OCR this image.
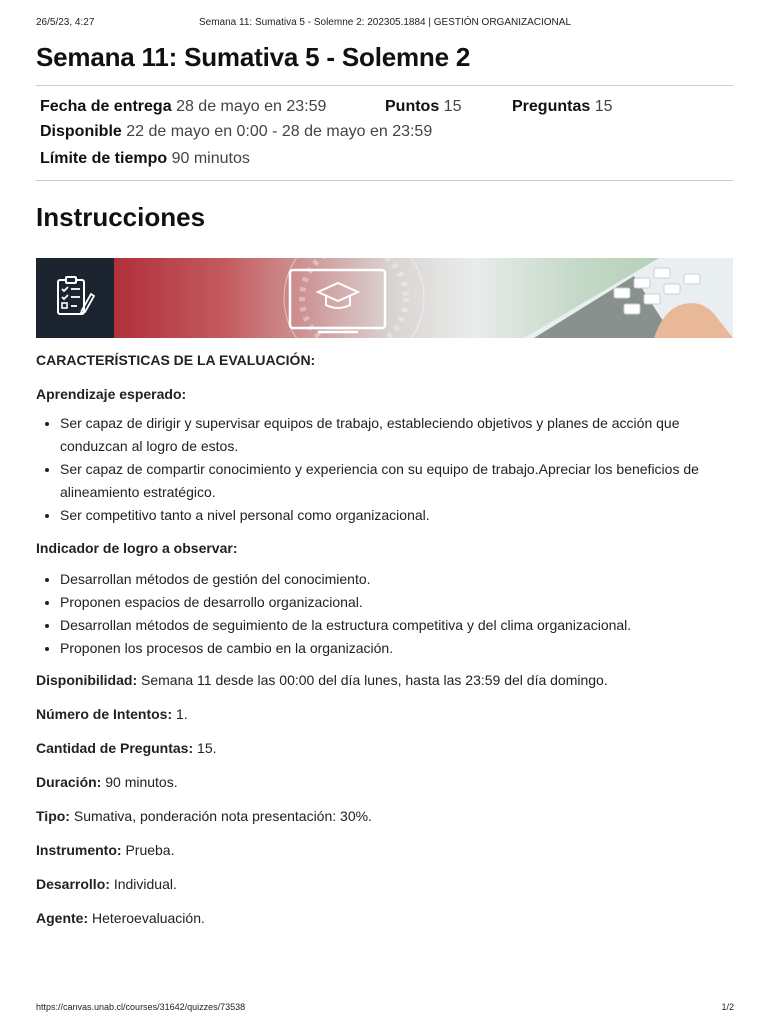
26/5/23, 4:27	Semana 11: Sumativa 5 - Solemne 2: 202305.1884 | GESTIÓN ORGANIZACIONAL
Semana 11: Sumativa 5 - Solemne 2
Fecha de entrega 28 de mayo en 23:59	Puntos 15	Preguntas 15
Disponible 22 de mayo en 0:00 - 28 de mayo en 23:59
Límite de tiempo 90 minutos
Instrucciones

CARACTERÍSTICAS DE LA EVALUACIÓN:

Aprendizaje esperado:

• Ser capaz de dirigir y supervisar equipos de trabajo, estableciendo objetivos y planes de acción que conduzcan al logro de estos.
• Ser capaz de compartir conocimiento y experiencia con su equipo de trabajo.Apreciar los beneficios de alineamiento estratégico.
• Ser competitivo tanto a nivel personal como organizacional.

Indicador de logro a observar:

• Desarrollan métodos de gestión del conocimiento.
• Proponen espacios de desarrollo organizacional.
• Desarrollan métodos de seguimiento de la estructura competitiva y del clima organizacional.
• Proponen los procesos de cambio en la organización.

Disponibilidad: Semana 11 desde las 00:00 del día lunes, hasta las 23:59 del día domingo.

Número de Intentos: 1.

Cantidad de Preguntas: 15.

Duración: 90 minutos.

Tipo: Sumativa, ponderación nota presentación: 30%.

Instrumento: Prueba.

Desarrollo: Individual.

Agente: Heteroevaluación.

https://canvas.unab.cl/courses/31642/quizzes/73538	1/2
